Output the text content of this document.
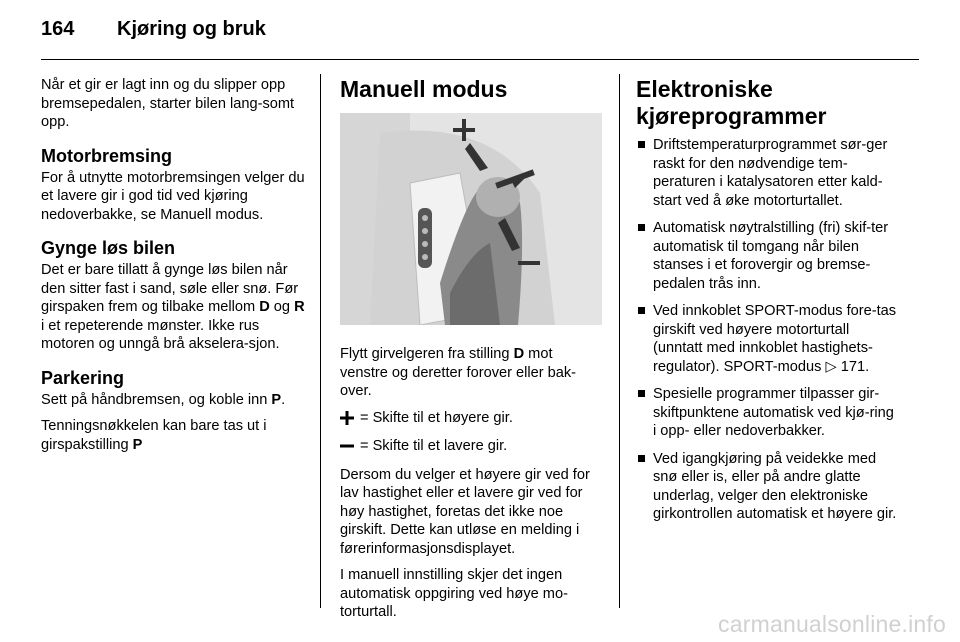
164 Kjøring og bruk

Når et gir er lagt inn og du slipper opp bremsepedalen, starter bilen lang-somt opp.

Motorbremsing

For å utnytte motorbremsingen velger du et lavere gir i god tid ved kjøring nedoverbakke, se Manuell modus.

Gynge løs bilen

Det er bare tillatt å gynge løs bilen når den sitter fast i sand, søle eller snø. Før girspaken frem og tilbake mellom D og R i et repeterende mønster. Ikke rus motoren og unngå brå akselera-sjon.

Parkering

Sett på håndbremsen, og koble inn P.

Tenningsnøkkelen kan bare tas ut i girspakstilling P

Manuell modus

Flytt girvelgeren fra stilling D mot venstre og deretter forover eller bak-over.

= Skifte til et høyere gir.
= Skifte til et lavere gir.

Dersom du velger et høyere gir ved for lav hastighet eller et lavere gir ved for høy hastighet, foretas det ikke noe girskift. Dette kan utløse en melding i førerinformasjonsdisplayet.

I manuell innstilling skjer det ingen automatisk oppgiring ved høye mo-torturtall.

Elektroniske kjøreprogrammer
Driftstemperaturprogrammet sør-ger raskt for den nødvendige tem-peraturen i katalysatoren etter kald-start ved å øke motorturtallet.
Automatisk nøytralstilling (fri) skif-ter automatisk til tomgang når bilen stanses i et forovergir og bremse-pedalen trås inn.
Ved innkoblet SPORT-modus fore-tas girskift ved høyere motorturtall (unntatt med innkoblet hastighets-regulator). SPORT-modus ▷ 171.
Spesielle programmer tilpasser gir-skiftpunktene automatisk ved kjø-ring i opp- eller nedoverbakker.
Ved igangkjøring på veidekke med snø eller is, eller på andre glatte underlag, velger den elektroniske girkontrollen automatisk et høyere gir.
carmanualsonline.info
